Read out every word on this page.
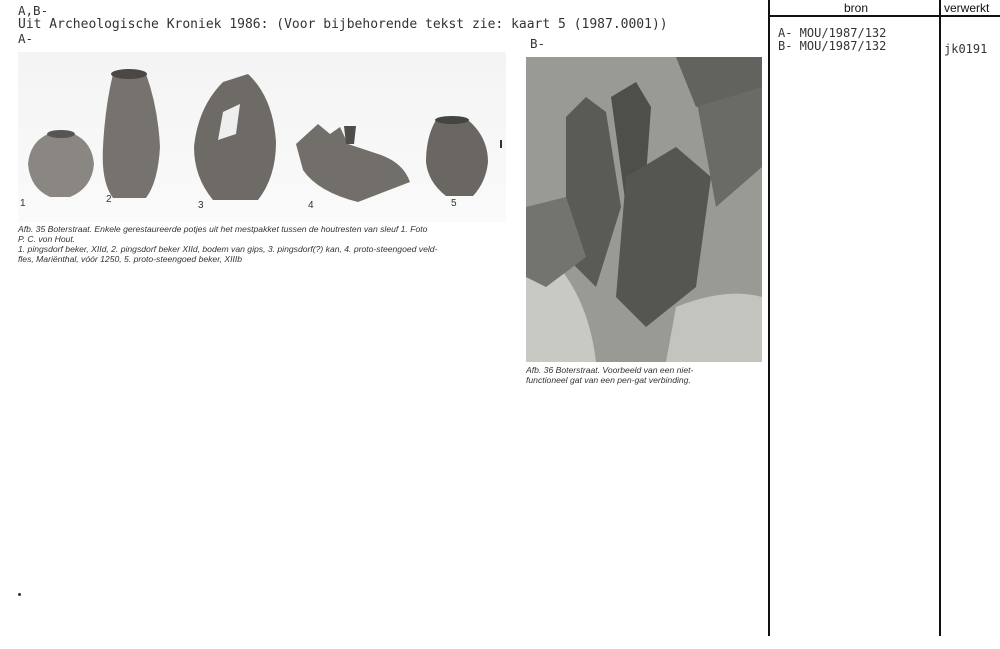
A,B-
Uit Archeologische Kroniek 1986: (Voor bijbehorende tekst zie: kaart 5 (1987.0001))
A-	B-
bron	verwerkt
A- MOU/1987/132
B- MOU/1987/132	jk0191
1	2
3	4	5
Afb. 35 Boterstraat. Enkele gerestaureerde potjes uit het mestpakket tussen de houtresten van sleuf 1. Foto
P. C. von Hout.
1. pingsdorf beker, XIId, 2. pingsdorf beker XIId, bodem van gips, 3. pingsdorf(?) kan, 4. proto-steengoed veld-
fles, Mariënthal, vóór 1250, 5. proto-steengoed beker, XIIIb
Afb. 36 Boterstraat. Voorbeeld van een niet-
functioneel gat van een pen-gat verbinding.
